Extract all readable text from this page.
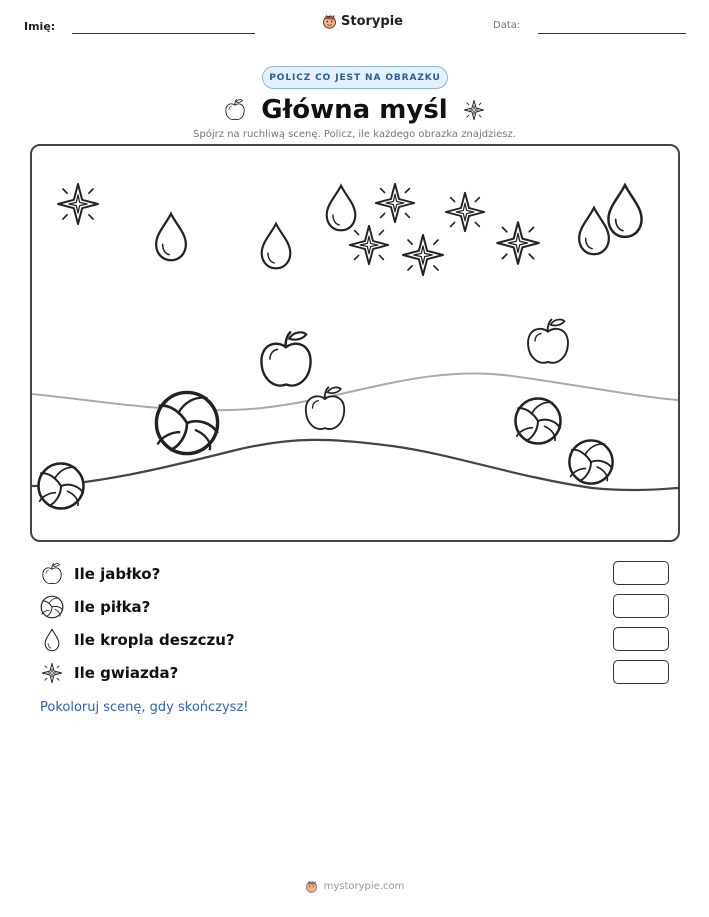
Imię:	Storypie	Data:
POLICZ CO JEST NA OBRAZKU
Główna myśl
Spójrz na ruchliwą scenę. Policz, ile każdego obrazka znajdziesz.
Ile jabłko?
Ile piłka?
Ile kropla deszczu?
Ile gwiazda?
Pokoloruj scenę, gdy skończysz!
mystorypie.com
